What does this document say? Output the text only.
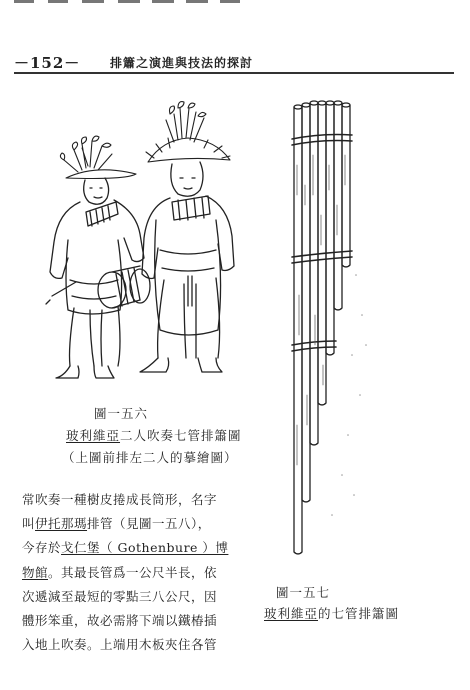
－152－ 排簫之演進與技法的探討
圖一五六
玻利維亞二人吹奏七管排簫圖
（上圖前排左二人的摹繪圖）
圖一五七
玻利維亞的七管排簫圖
常吹奏一種樹皮捲成長筒形，名字
叫伊托那瑪排管（見圖一五八），
今存於戈仁堡（ Gothenbure ）博
物館。其最長管爲一公尺半長，依
次遞減至最短的零點三八公尺，因
體形笨重，故必需將下端以鐵椿插
入地上吹奏。上端用木板夾住各管
